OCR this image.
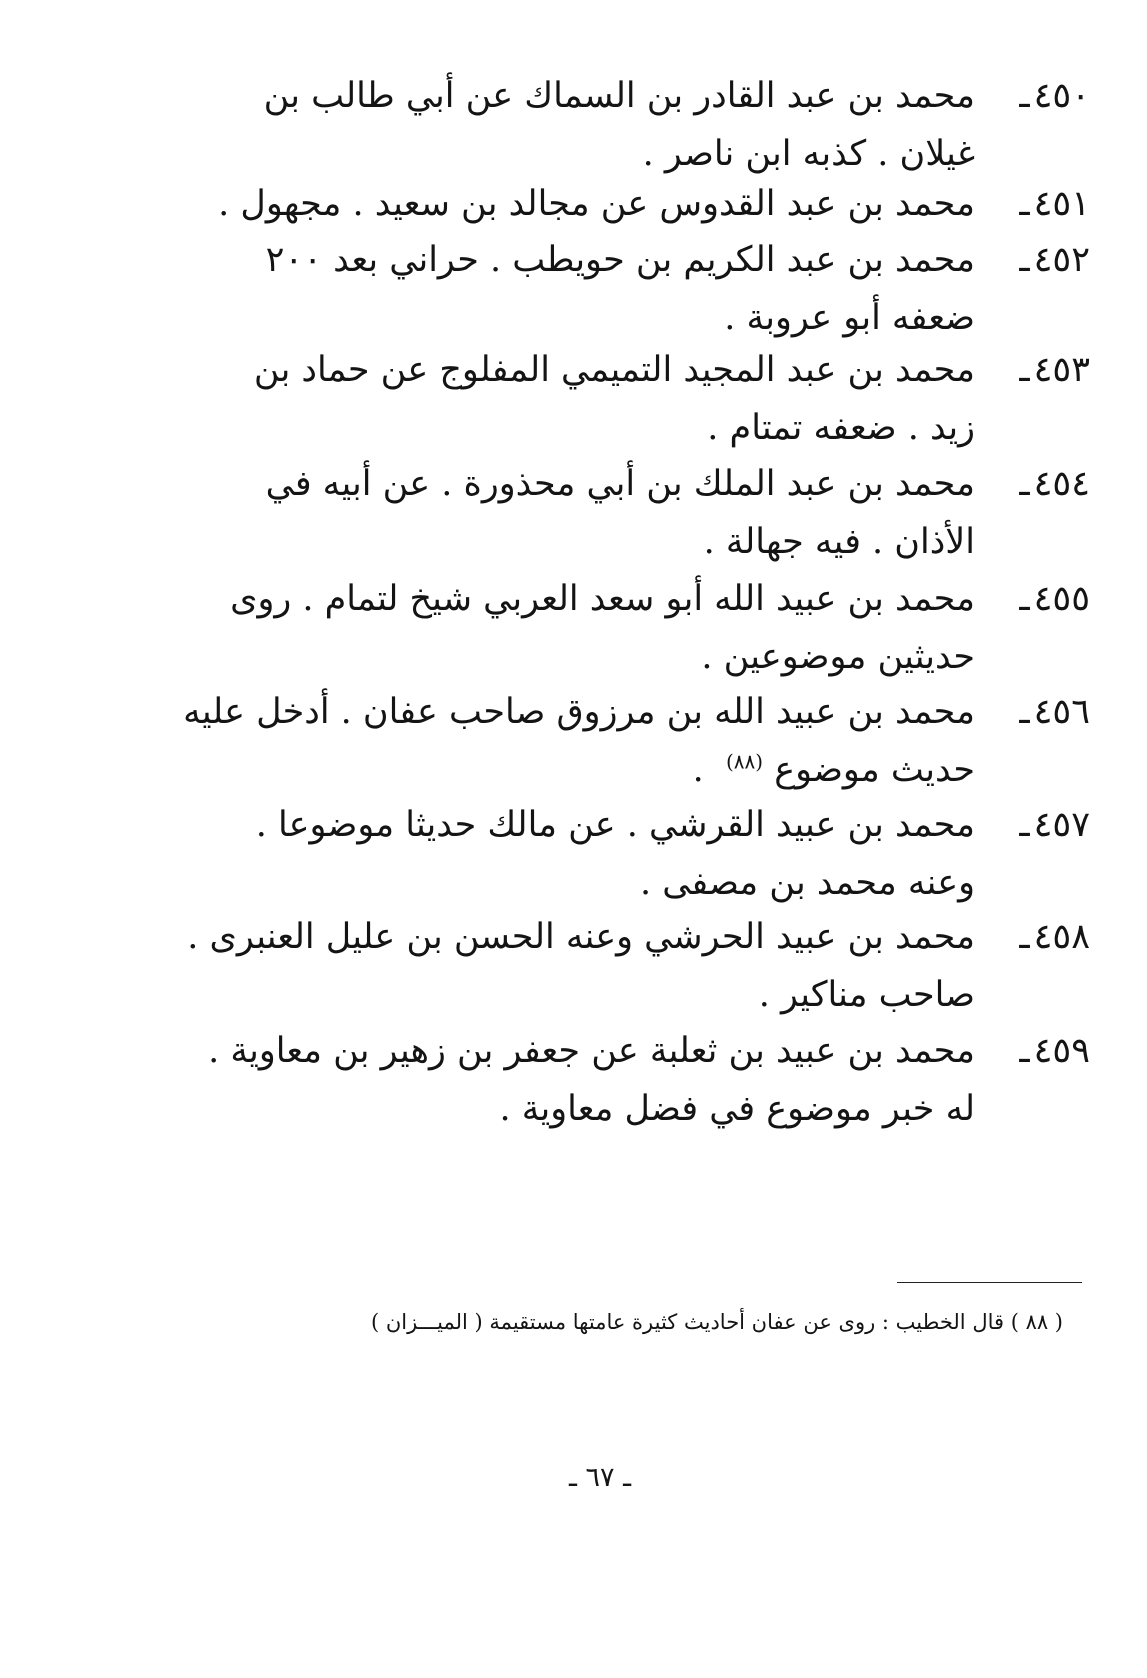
٤٥٠ـ
محمد بن عبد القادر بن السماك عن أبي طالب بن
غيلان . كذبه ابن ناصر .
٤٥١ـ
محمد بن عبد القدوس عن مجالد بن سعيد . مجهول .
٤٥٢ـ
محمد بن عبد الكريم بن حويطب . حراني بعد ٢٠٠
ضعفه أبو عروبة .
٤٥٣ـ
محمد بن عبد المجيد التميمي المفلوج عن حماد بن
زيد . ضعفه تمتام .
٤٥٤ـ
محمد بن عبد الملك بن أبي محذورة . عن أبيه في
الأذان . فيه جهالة .
٤٥٥ـ
محمد بن عبيد الله أبو سعد العربي شيخ لتمام . روى
حديثين موضوعين .
٤٥٦ـ
محمد بن عبيد الله بن مرزوق صاحب عفان . أدخل عليه
حديث موضوع $^{(٨٨)}$  .
٤٥٧ـ
محمد بن عبيد القرشي . عن مالك حديثا موضوعا .
وعنه محمد بن مصفى .
٤٥٨ـ
محمد بن عبيد الحرشي وعنه الحسن بن عليل العنبرى .
صاحب مناكير .
٤٥٩ـ
محمد بن عبيد بن ثعلبة عن جعفر بن زهير بن معاوية .
له خبر موضوع في فضل معاوية .
( ٨٨ ) قال الخطيب : روى عن عفان أحاديث كثيرة عامتها مستقيمة ( الميـــزان )
ـ ٦٧ ـ
